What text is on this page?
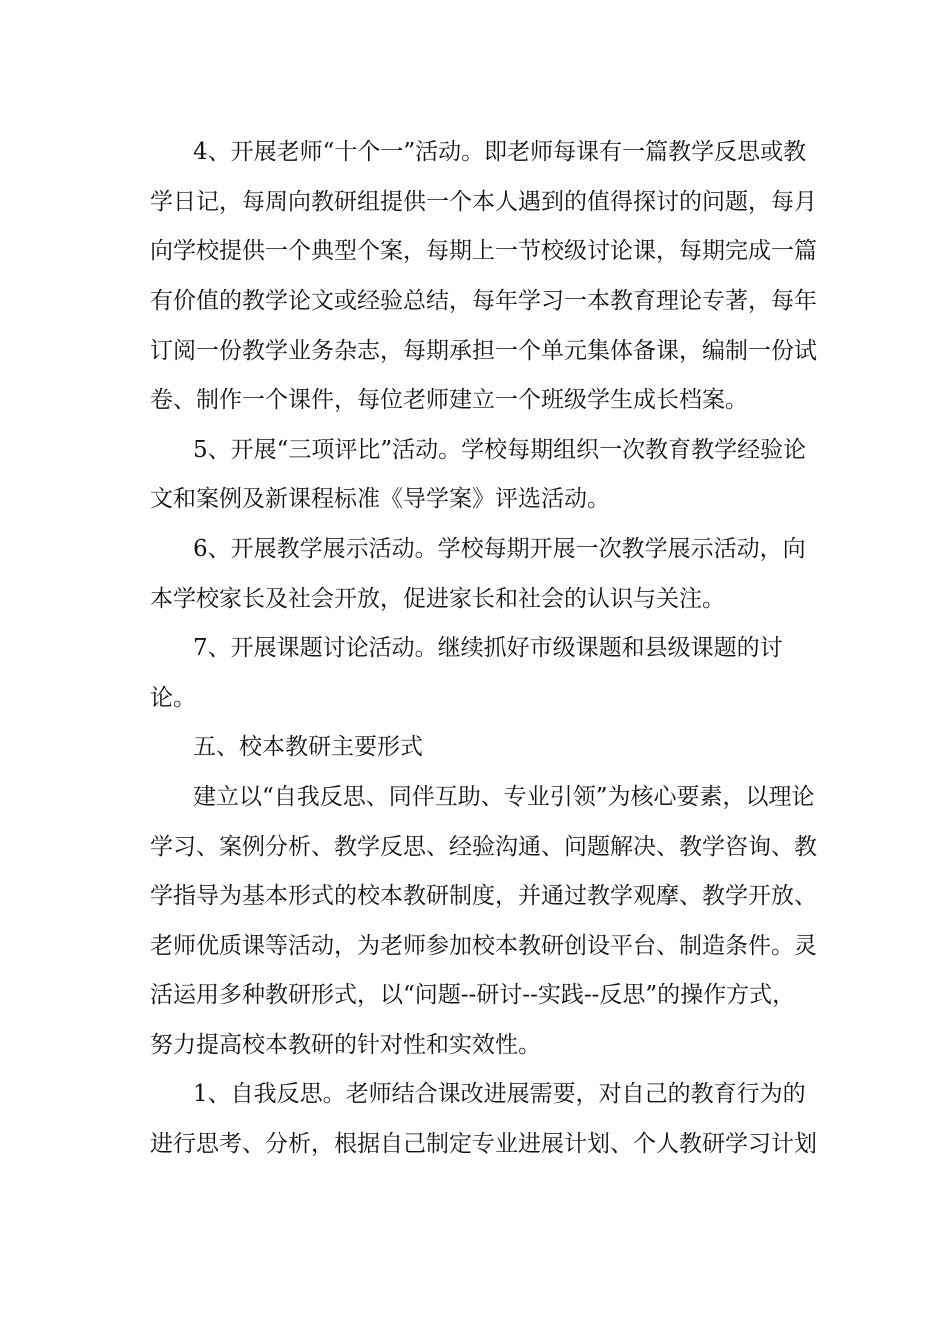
4、开展老师“十个一”活动。即老师每课有一篇教学反思或教

学日记，每周向教研组提供一个本人遇到的值得探讨的问题，每月

向学校提供一个典型个案，每期上一节校级讨论课，每期完成一篇

有价值的教学论文或经验总结，每年学习一本教育理论专著，每年

订阅一份教学业务杂志，每期承担一个单元集体备课，编制一份试

卷、制作一个课件，每位老师建立一个班级学生成长档案。

5、开展“三项评比”活动。学校每期组织一次教育教学经验论

文和案例及新课程标准《导学案》评选活动。

6、开展教学展示活动。学校每期开展一次教学展示活动，向

本学校家长及社会开放，促进家长和社会的认识与关注。

7、开展课题讨论活动。继续抓好市级课题和县级课题的讨

论。

五、校本教研主要形式

建立以“自我反思、同伴互助、专业引领”为核心要素，以理论

学习、案例分析、教学反思、经验沟通、问题解决、教学咨询、教

学指导为基本形式的校本教研制度，并通过教学观摩、教学开放、

老师优质课等活动，为老师参加校本教研创设平台、制造条件。灵

活运用多种教研形式，以“问题--研讨--实践--反思”的操作方式，

努力提高校本教研的针对性和实效性。

1、自我反思。老师结合课改进展需要，对自己的教育行为的

进行思考、分析，根据自己制定专业进展计划、个人教研学习计划
